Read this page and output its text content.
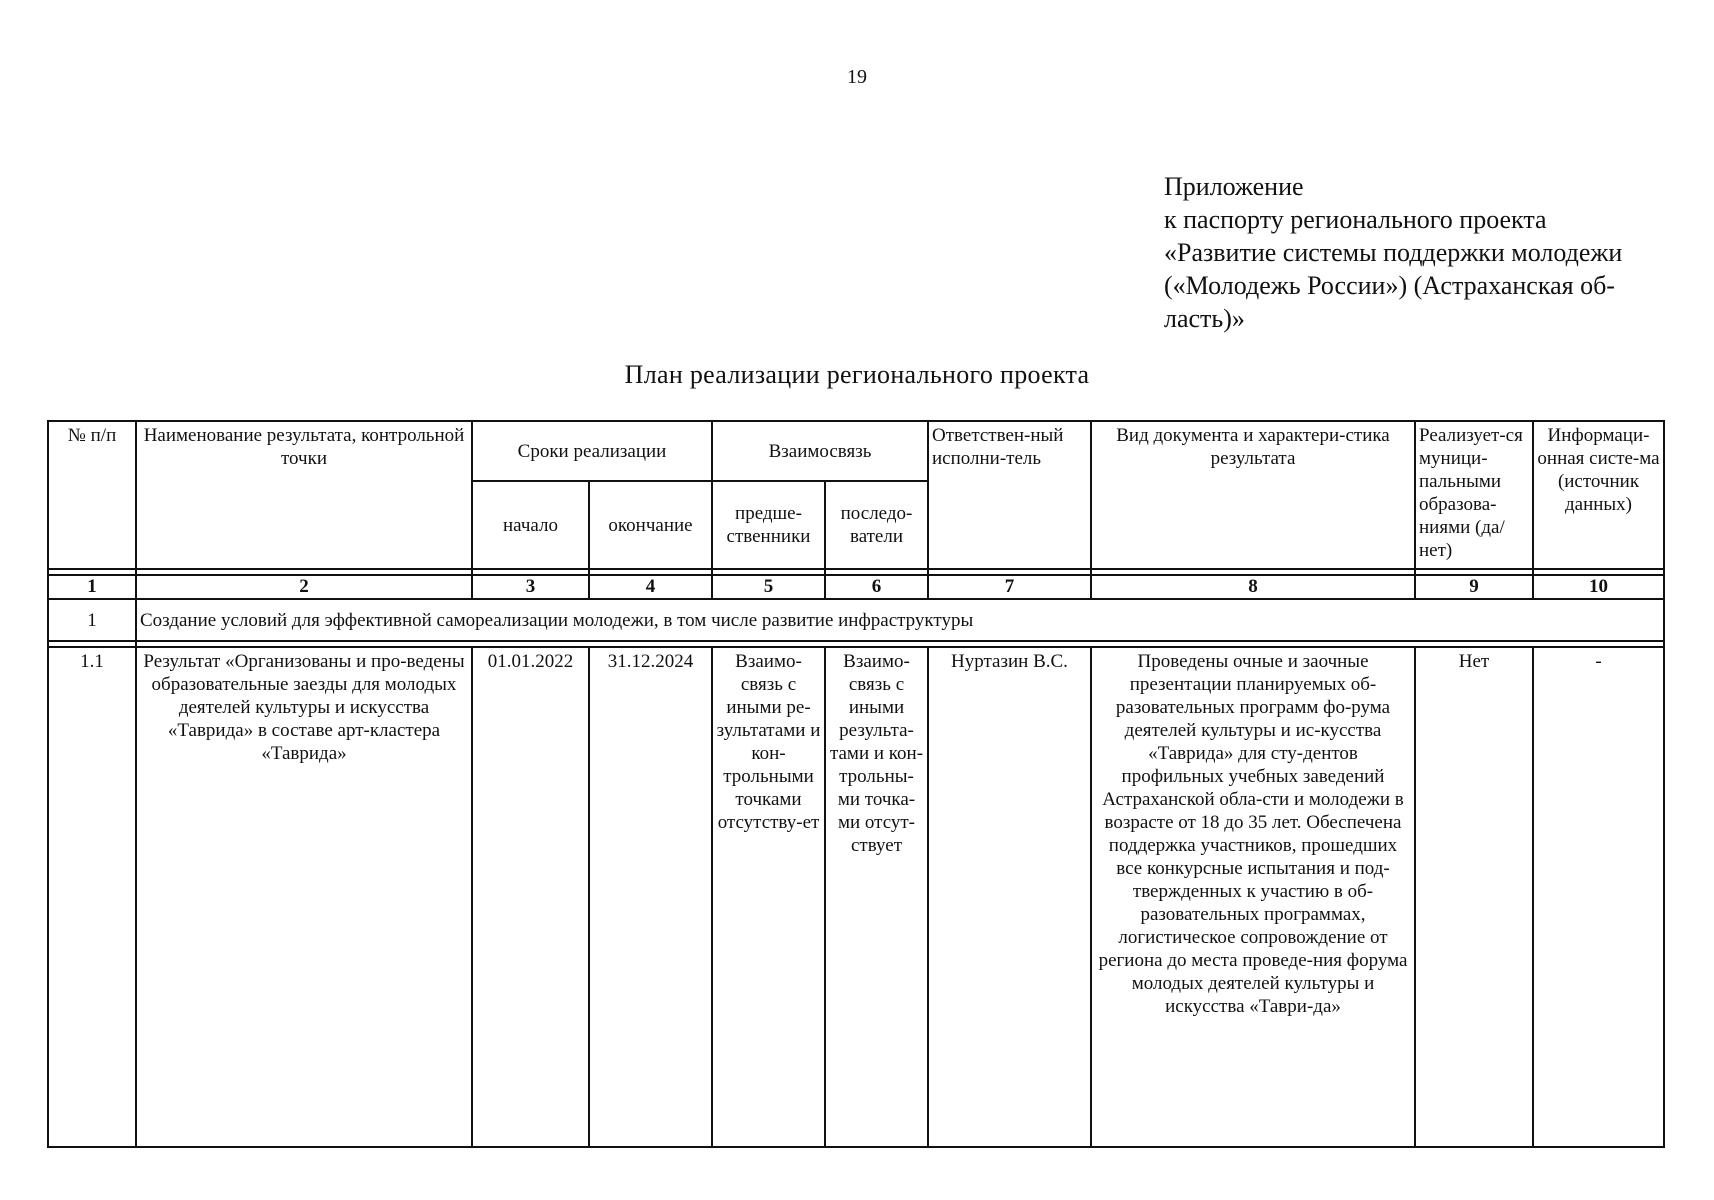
19
Приложение
к паспорту регионального проекта
«Развитие системы поддержки молодежи
(«Молодежь России») (Астраханская об-
ласть)»
План реализации регионального проекта
№ п/п	Наименование результата, контрольной точки	Сроки реализации		Взаимосвязь		Ответствен-ный исполни-тель	Вид документа и характери-стика результата	Реализует-ся муници-пальными образова-ниями (да/нет)	Информаци-онная систе-ма (источник данных)
		начало	окончание	предше-ственники	последо-ватели				

1	2	3	4	5	6	7	8	9	10
1	Создание условий для эффективной самореализации молодежи, в том числе развитие инфраструктуры								

1.1	Результат «Организованы и про-ведены образовательные заезды для молодых деятелей культуры и искусства «Таврида» в составе арт-кластера «Таврида»	01.01.2022	31.12.2024	Взаимо-связь с иными ре-зультатами и кон-трольными точками отсутству-ет	Взаимо-связь с иными результа-тами и кон-трольны-ми точка-ми отсут-ствует	Нуртазин В.С.	Проведены очные и заочные презентации планируемых об-разовательных программ фо-рума деятелей культуры и ис-кусства «Таврида» для сту-дентов профильных учебных заведений Астраханской обла-сти и молодежи в возрасте от 18 до 35 лет. Обеспечена поддержка участников, прошедших все конкурсные испытания и под-твержденных к участию в об-разовательных программах, логистическое сопровождение от региона до места проведе-ния форума молодых деятелей культуры и искусства «Таври-да»	Нет	-
